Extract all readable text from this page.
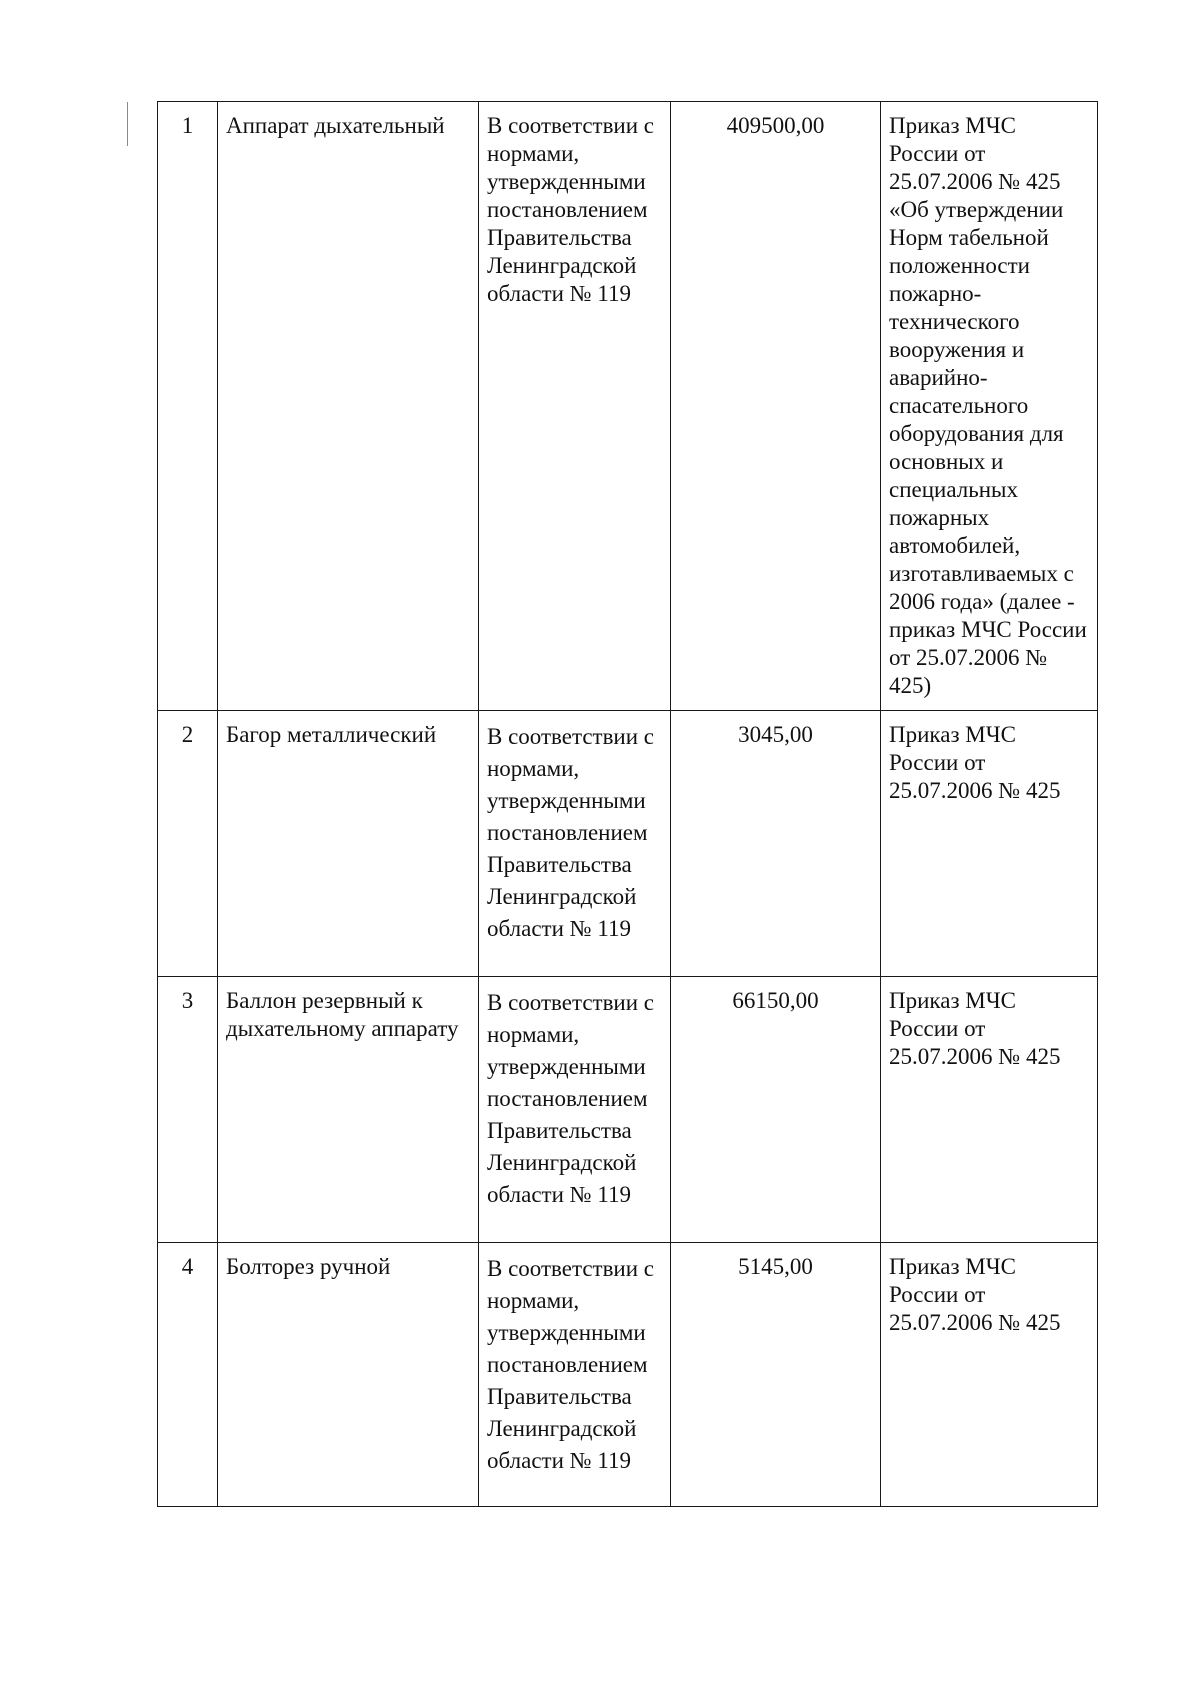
1	Аппарат дыхательный	В соответствии с нормами, утвержденными постановлением Правительства Ленинградской области № 119	409500,00	Приказ МЧС России от 25.07.2006 № 425 «Об утверждении Норм табельной положенности пожарно-технического вооружения и аварийно-спасательного оборудования для основных и специальных пожарных автомобилей, изготавливаемых с 2006 года» (далее - приказ МЧС России от 25.07.2006 № 425)
2	Багор металлический	В соответствии с нормами, утвержденными постановлением Правительства Ленинградской области № 119	3045,00	Приказ МЧС России от 25.07.2006 № 425
3	Баллон резервный к дыхательному аппарату	В соответствии с нормами, утвержденными постановлением Правительства Ленинградской области № 119	66150,00	Приказ МЧС России от 25.07.2006 № 425
4	Болторез ручной	В соответствии с нормами, утвержденными постановлением Правительства Ленинградской области № 119	5145,00	Приказ МЧС России от 25.07.2006 № 425
